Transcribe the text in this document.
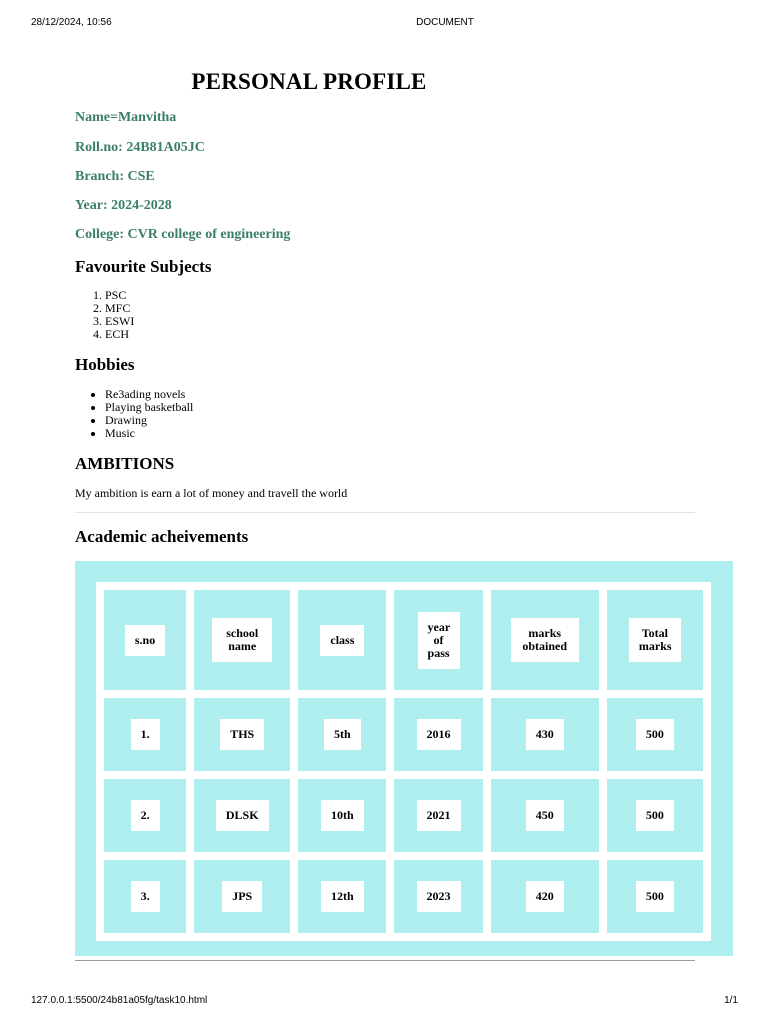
28/12/2024, 10:56	DOCUMENT
PERSONAL PROFILE

Name=Manvitha

Roll.no: 24B81A05JC

Branch: CSE

Year: 2024-2028

College: CVR college of engineering

Favourite Subjects
1. PSC
2. MFC
3. ESWI
4. ECH
Hobbies
• Re3ading novels
• Playing basketball
• Drawing
• Music
AMBITIONS

My ambition is earn a lot of money and travell the world

Academic acheivements
s.no	school name	class	year of pass	marks obtained	Total marks
1.	THS	5th	2016	430	500
2.	DLSK	10th	2021	450	500
3.	JPS	12th	2023	420	500
127.0.0.1:5500/24b81a05fg/task10.html	1/1
